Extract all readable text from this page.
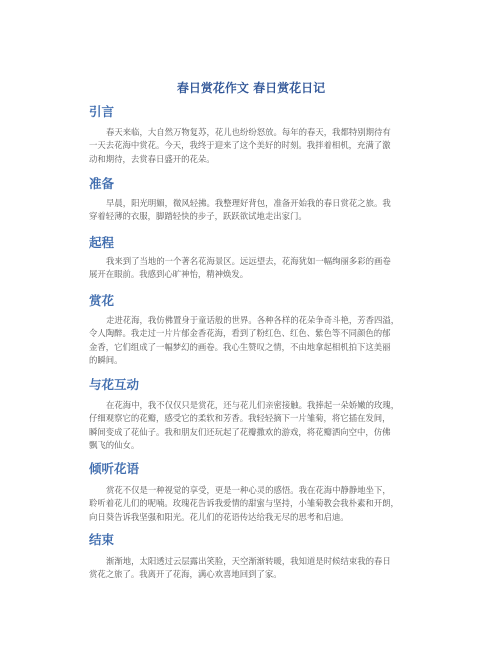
春日赏花作文 春日赏花日记
引言
春天来临，大自然万物复苏，花儿也纷纷怒放。每年的春天，我都特别期待有
一天去花海中赏花。今天，我终于迎来了这个美好的时刻。我拌着相机，充满了激
动和期待，去赏春日盛开的花朵。
准备
早晨，阳光明媚，微风轻拂。我整理好背包，准备开始我的春日赏花之旅。我
穿着轻薄的衣服，脚踏轻快的步子，跃跃欲试地走出家门。
起程
我来到了当地的一个著名花海景区。远远望去，花海犹如一幅绚丽多彩的画卷
展开在眼前。我感到心旷神怡，精神焕发。
赏花
走进花海，我仿佛置身于童话般的世界。各种各样的花朵争奇斗艳，芳香四溢，
令人陶醉。我走过一片片郁金香花海，看到了粉红色、红色、紫色等不同颜色的郁
金香，它们组成了一幅梦幻的画卷。我心生赞叹之情，不由地拿起相机拍下这美丽
的瞬间。
与花互动
在花海中，我不仅仅只是赏花，还与花儿们亲密接触。我捧起一朵娇嫩的玫瑰，
仔细观察它的花瓣，感受它的柔软和芳香。我轻轻摘下一片雏菊，将它插在发间，
瞬间变成了花仙子。我和朋友们还玩起了花瓣撒欢的游戏，将花瓣洒向空中，仿佛
飘飞的仙女。
倾听花语
赏花不仅是一种视觉的享受，更是一种心灵的感悟。我在花海中静静地坐下，
聆听着花儿们的呢喃。玫瑰花告诉我爱情的甜蜜与坚持，小雏菊教会我朴素和开朗，
向日葵告诉我坚强和阳光。花儿们的花语传达给我无尽的思考和启迪。
结束
渐渐地，太阳透过云层露出笑脸，天空渐渐转暖，我知道是时候结束我的春日
赏花之旅了。我离开了花海，满心欢喜地回到了家。
